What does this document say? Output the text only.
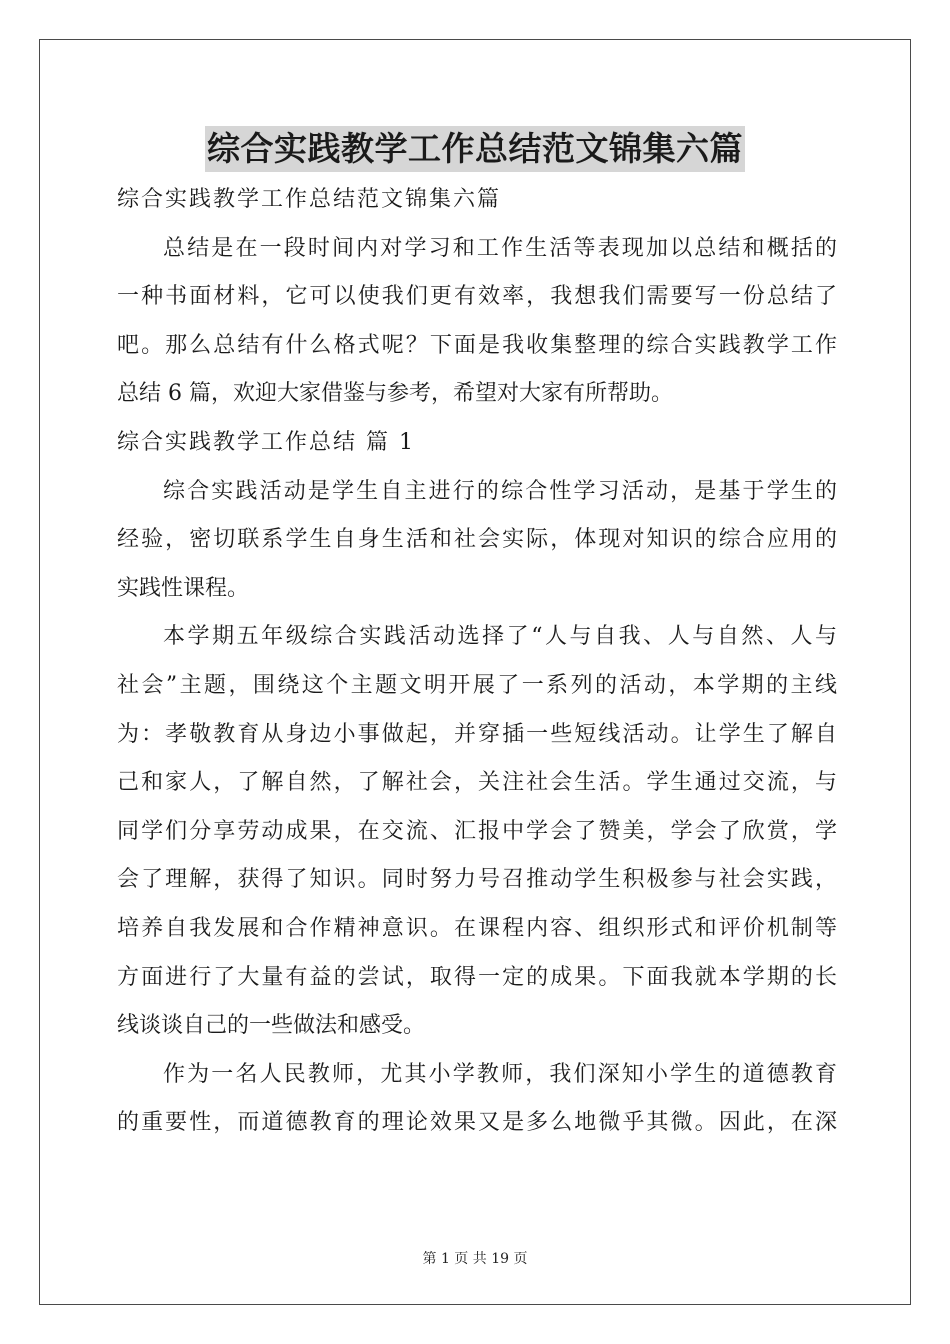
综合实践教学工作总结范文锦集六篇
综合实践教学工作总结范文锦集六篇
总结是在一段时间内对学习和工作生活等表现加以总结和概括的
一种书面材料，它可以使我们更有效率，我想我们需要写一份总结了
吧。那么总结有什么格式呢？下面是我收集整理的综合实践教学工作
总结 6 篇，欢迎大家借鉴与参考，希望对大家有所帮助。
综合实践教学工作总结 篇 1
综合实践活动是学生自主进行的综合性学习活动，是基于学生的
经验，密切联系学生自身生活和社会实际，体现对知识的综合应用的
实践性课程。
本学期五年级综合实践活动选择了“人与自我、人与自然、人与
社会”主题，围绕这个主题文明开展了一系列的活动，本学期的主线
为：孝敬教育从身边小事做起，并穿插一些短线活动。让学生了解自
己和家人，了解自然，了解社会，关注社会生活。学生通过交流，与
同学们分享劳动成果，在交流、汇报中学会了赞美，学会了欣赏，学
会了理解，获得了知识。同时努力号召推动学生积极参与社会实践，
培养自我发展和合作精神意识。在课程内容、组织形式和评价机制等
方面进行了大量有益的尝试，取得一定的成果。下面我就本学期的长
线谈谈自己的一些做法和感受。
作为一名人民教师，尤其小学教师，我们深知小学生的道德教育
的重要性，而道德教育的理论效果又是多么地微乎其微。因此，在深

第 1 页 共 19 页
